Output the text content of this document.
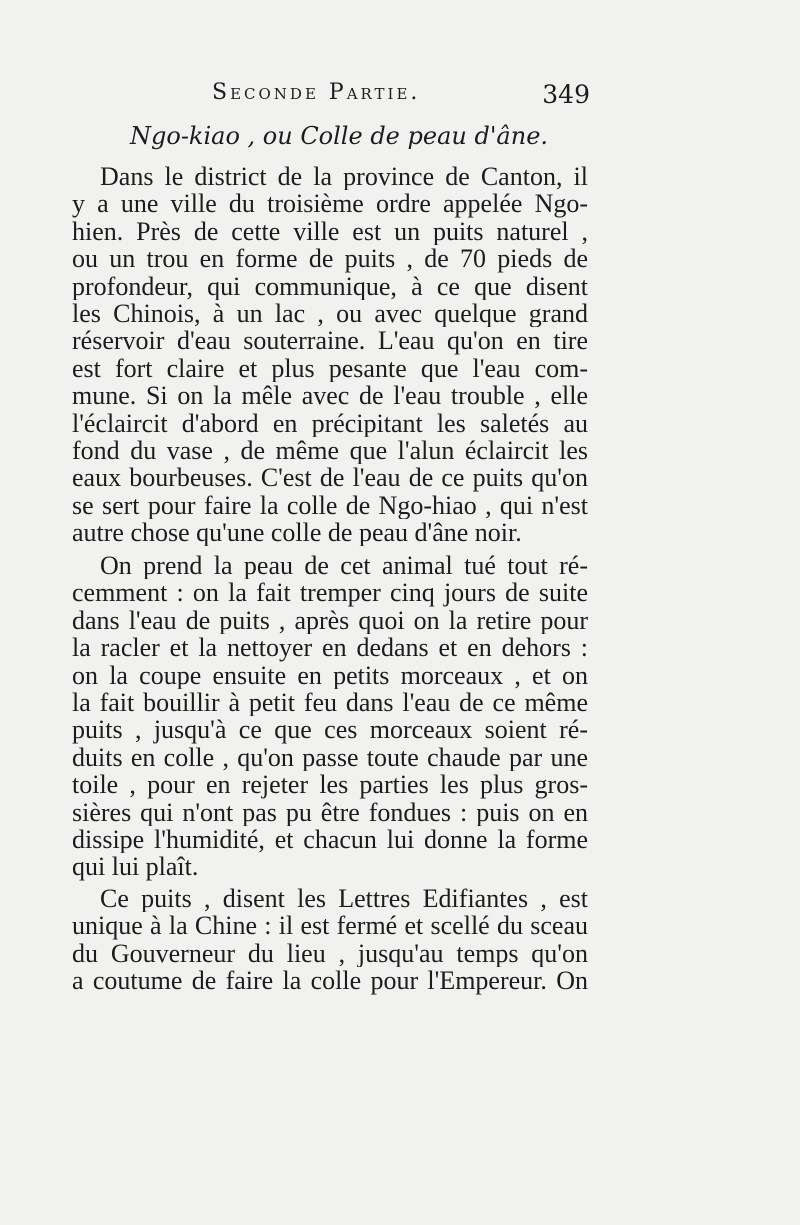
Seconde Partie.	349
Ngo-kiao , ou Colle de peau d'âne.
Dans le district de la province de Canton, il
y a une ville du troisième ordre appelée Ngo-
hien. Près de cette ville est un puits naturel ,
ou un trou en forme de puits , de 70 pieds de
profondeur, qui communique, à ce que disent
les Chinois, à un lac , ou avec quelque grand
réservoir d'eau souterraine. L'eau qu'on en tire
est fort claire et plus pesante que l'eau com-
mune. Si on la mêle avec de l'eau trouble , elle
l'éclaircit d'abord en précipitant les saletés au
fond du vase , de même que l'alun éclaircit les
eaux bourbeuses. C'est de l'eau de ce puits qu'on
se sert pour faire la colle de Ngo-hiao , qui n'est
autre chose qu'une colle de peau d'âne noir.
On prend la peau de cet animal tué tout ré-
cemment : on la fait tremper cinq jours de suite
dans l'eau de puits , après quoi on la retire pour
la racler et la nettoyer en dedans et en dehors :
on la coupe ensuite en petits morceaux , et on
la fait bouillir à petit feu dans l'eau de ce même
puits , jusqu'à ce que ces morceaux soient ré-
duits en colle , qu'on passe toute chaude par une
toile , pour en rejeter les parties les plus gros-
sières qui n'ont pas pu être fondues : puis on en
dissipe l'humidité, et chacun lui donne la forme
qui lui plaît.
Ce puits , disent les Lettres Edifiantes , est
unique à la Chine : il est fermé et scellé du sceau
du Gouverneur du lieu , jusqu'au temps qu'on
a coutume de faire la colle pour l'Empereur. On
